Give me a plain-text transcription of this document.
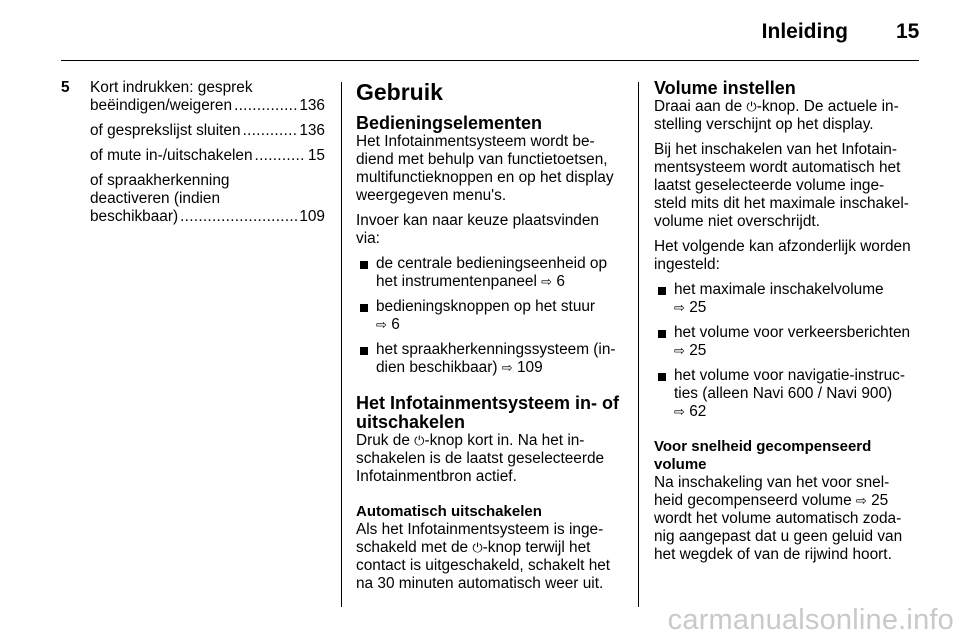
Inleiding 15
5 Kort indrukken: gesprek
beëindigen/weigeren . . .	136
of gesprekslijst sluiten . . .	136
of mute in-/uitschakelen . . .	15
of spraakherkenning
deactiveren (indien
beschikbaar) . . .	109
Gebruik
Bedieningselementen
Het Infotainmentsysteem wordt be-
diend met behulp van functietoetsen,
multifunctieknoppen en op het display
weergegeven menu's.
Invoer kan naar keuze plaatsvinden
via:
de centrale bedieningseenheid op
het instrumentenpaneel ⇨ 6
bedieningsknoppen op het stuur
⇨ 6
het spraakherkenningssysteem (in-
dien beschikbaar) ⇨ 109
Het Infotainmentsysteem in- of
uitschakelen
Druk de ⏻-knop kort in. Na het in-
schakelen is de laatst geselecteerde
Infotainmentbron actief.
Automatisch uitschakelen
Als het Infotainmentsysteem is inge-
schakeld met de ⏻-knop terwijl het
contact is uitgeschakeld, schakelt het
na 30 minuten automatisch weer uit.
Volume instellen
Draai aan de ⏻-knop. De actuele in-
stelling verschijnt op het display.
Bij het inschakelen van het Infotain-
mentsysteem wordt automatisch het
laatst geselecteerde volume inge-
steld mits dit het maximale inschakel-
volume niet overschrijdt.
Het volgende kan afzonderlijk worden
ingesteld:
het maximale inschakelvolume
⇨ 25
het volume voor verkeersberichten
⇨ 25
het volume voor navigatie-instruc-
ties (alleen Navi 600 / Navi 900)
⇨ 62
Voor snelheid gecompenseerd
volume
Na inschakeling van het voor snel-
heid gecompenseerd volume ⇨ 25
wordt het volume automatisch zoda-
nig aangepast dat u geen geluid van
het wegdek of van de rijwind hoort.
carmanualsonline.info
